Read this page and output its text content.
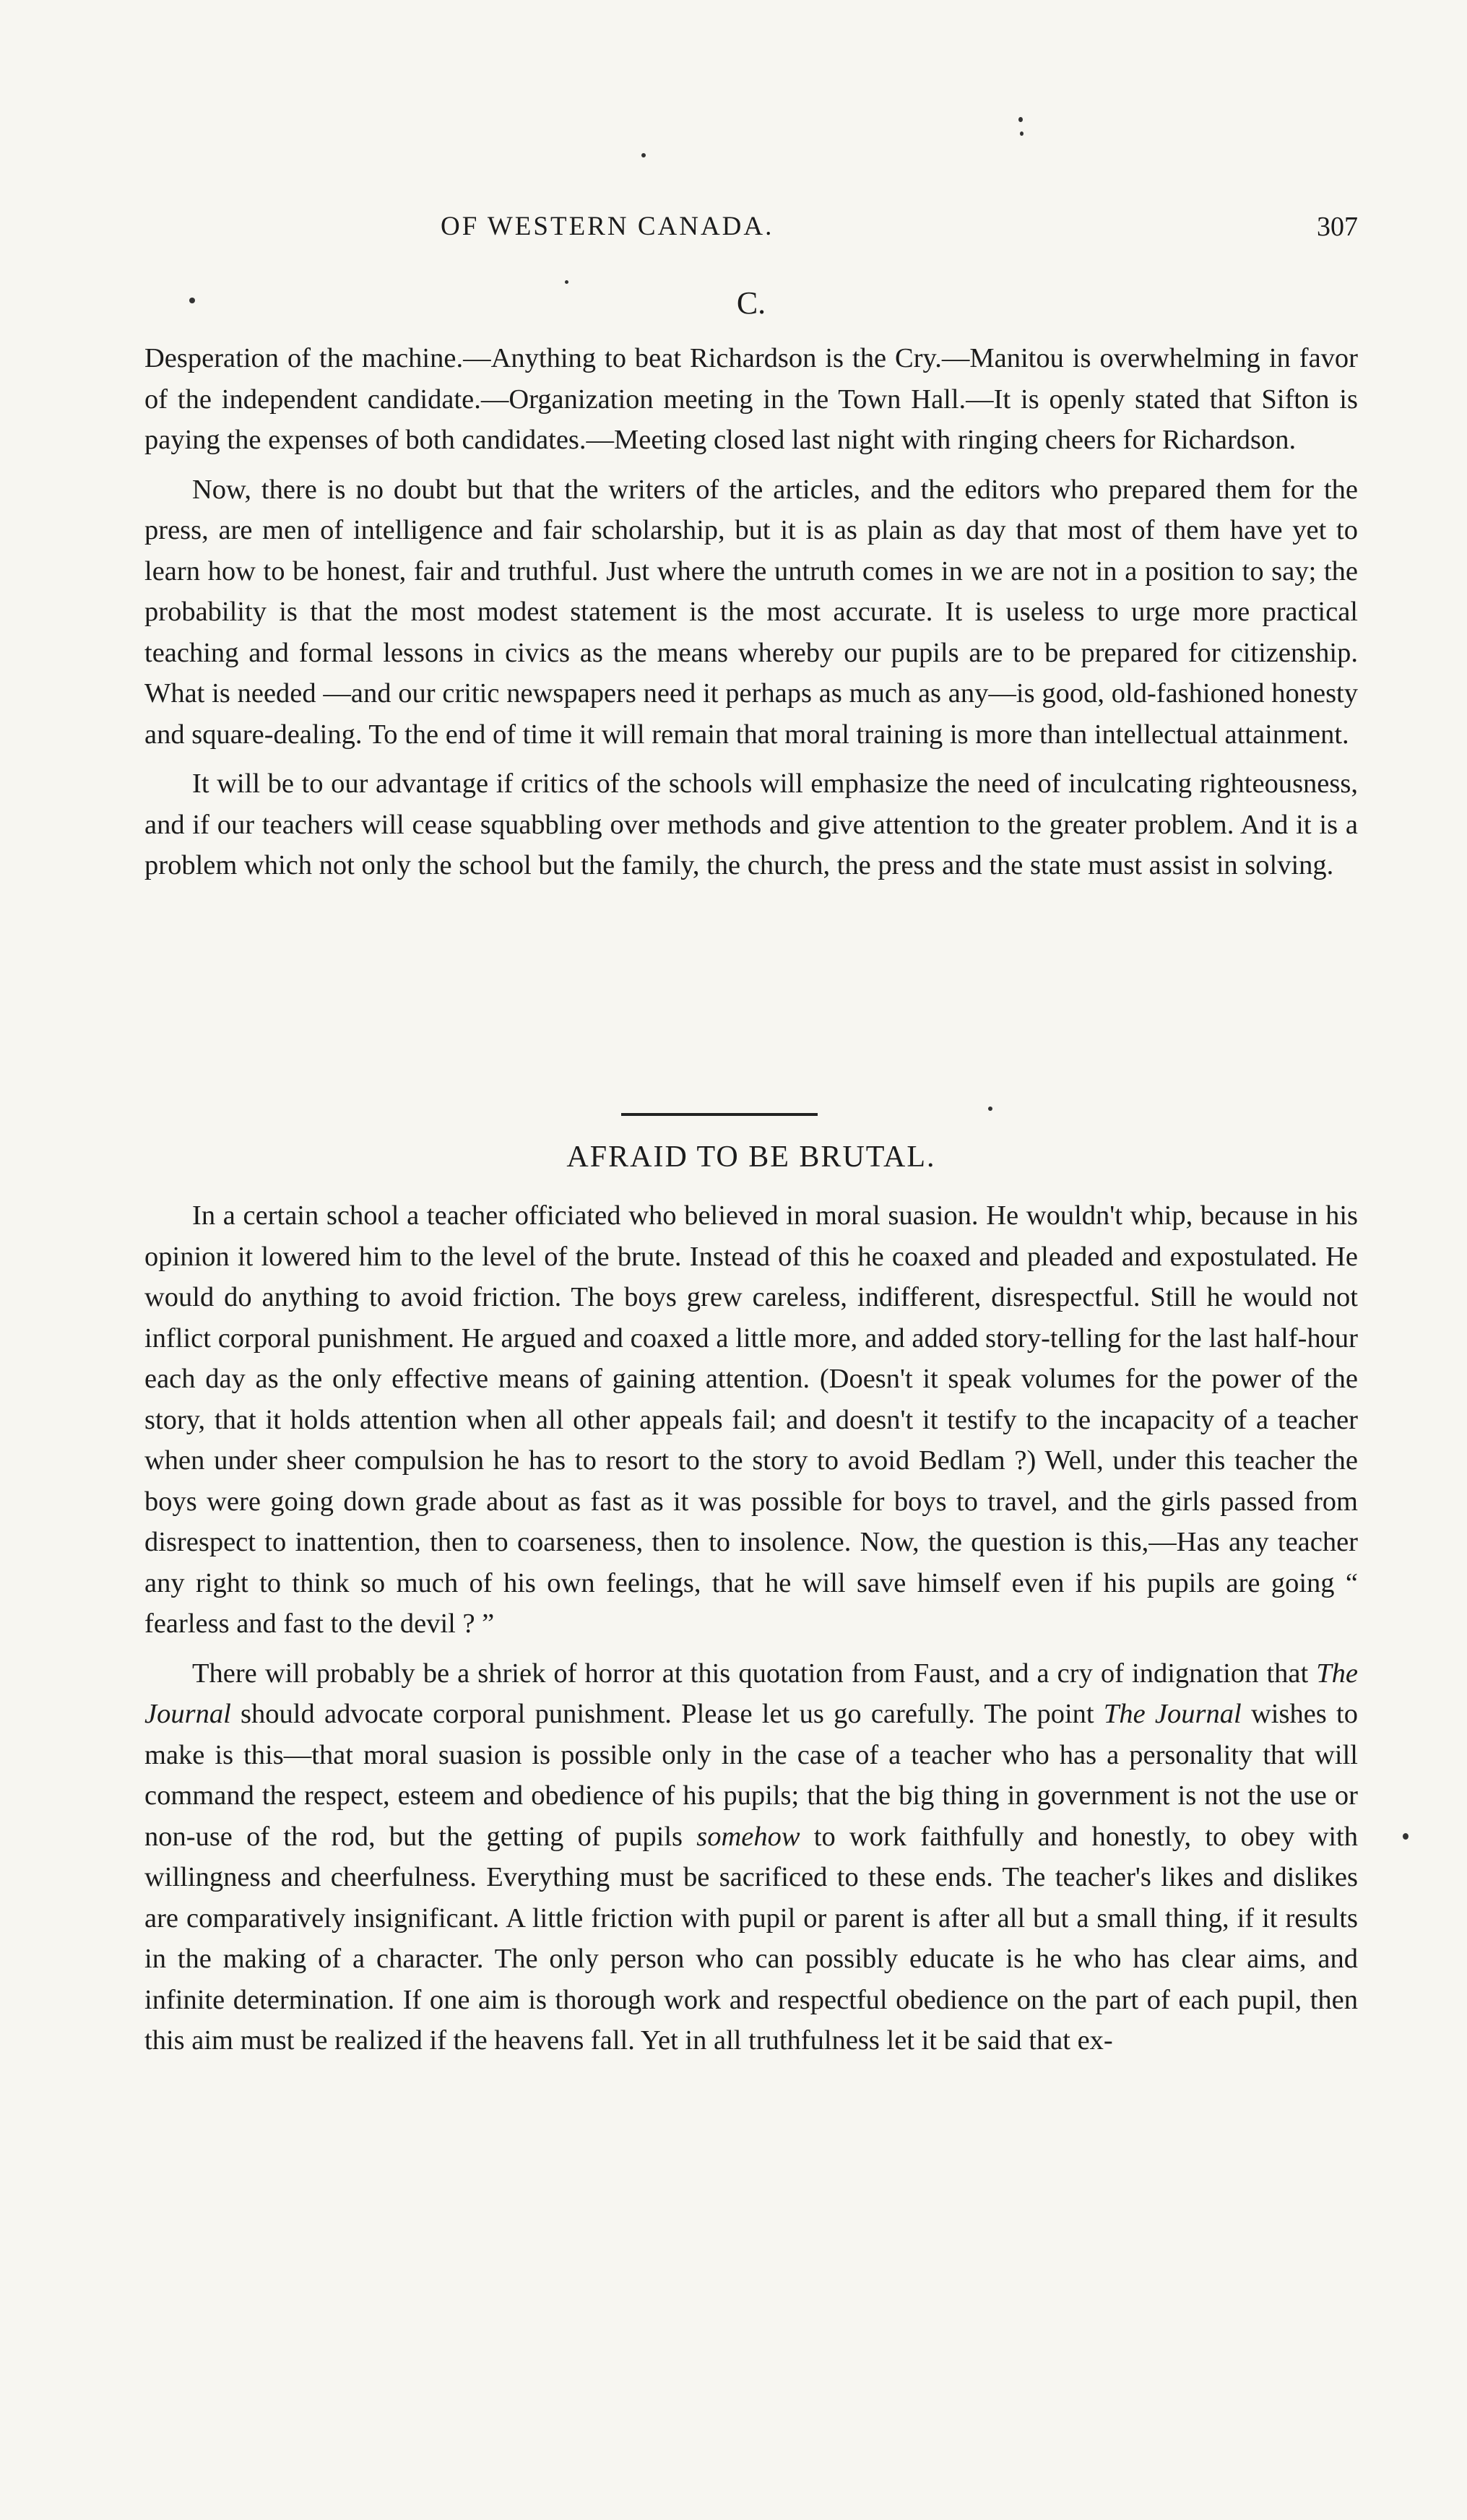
OF WESTERN CANADA.	307
C.

Desperation of the machine.—Anything to beat Richardson is the Cry.—Manitou is overwhelming in favor of the independent candidate.—Organization meeting in the Town Hall.—It is openly stated that Sifton is paying the expenses of both candidates.—Meeting closed last night with ringing cheers for Richardson.

Now, there is no doubt but that the writers of the articles, and the editors who prepared them for the press, are men of intelligence and fair scholarship, but it is as plain as day that most of them have yet to learn how to be honest, fair and truthful. Just where the untruth comes in we are not in a position to say; the probability is that the most modest statement is the most accurate. It is useless to urge more practical teaching and formal lessons in civics as the means whereby our pupils are to be prepared for citizenship. What is needed —and our critic newspapers need it perhaps as much as any—is good, old-fashioned honesty and square-dealing. To the end of time it will remain that moral training is more than intellectual attainment.

It will be to our advantage if critics of the schools will emphasize the need of inculcating righteousness, and if our teachers will cease squabbling over methods and give attention to the greater problem. And it is a problem which not only the school but the family, the church, the press and the state must assist in solving.

AFRAID TO BE BRUTAL.

In a certain school a teacher officiated who believed in moral suasion. He wouldn't whip, because in his opinion it lowered him to the level of the brute. Instead of this he coaxed and pleaded and expostulated. He would do anything to avoid friction. The boys grew careless, indifferent, disrespectful. Still he would not inflict corporal punishment. He argued and coaxed a little more, and added story-telling for the last half-hour each day as the only effective means of gaining attention. (Doesn't it speak volumes for the power of the story, that it holds attention when all other appeals fail; and doesn't it testify to the incapacity of a teacher when under sheer compulsion he has to resort to the story to avoid Bedlam ?) Well, under this teacher the boys were going down grade about as fast as it was possible for boys to travel, and the girls passed from disrespect to inattention, then to coarseness, then to insolence. Now, the question is this,—Has any teacher any right to think so much of his own feelings, that he will save himself even if his pupils are going “ fearless and fast to the devil ? ”

There will probably be a shriek of horror at this quotation from Faust, and a cry of indignation that The Journal should advocate corporal punishment. Please let us go carefully. The point The Journal wishes to make is this—that moral suasion is possible only in the case of a teacher who has a personality that will command the respect, esteem and obedience of his pupils; that the big thing in government is not the use or non-use of the rod, but the getting of pupils somehow to work faithfully and honestly, to obey with willingness and cheerfulness. Everything must be sacrificed to these ends. The teacher's likes and dislikes are comparatively insignificant. A little friction with pupil or parent is after all but a small thing, if it results in the making of a character. The only person who can possibly educate is he who has clear aims, and infinite determination. If one aim is thorough work and respectful obedience on the part of each pupil, then this aim must be realized if the heavens fall. Yet in all truthfulness let it be said that ex-
